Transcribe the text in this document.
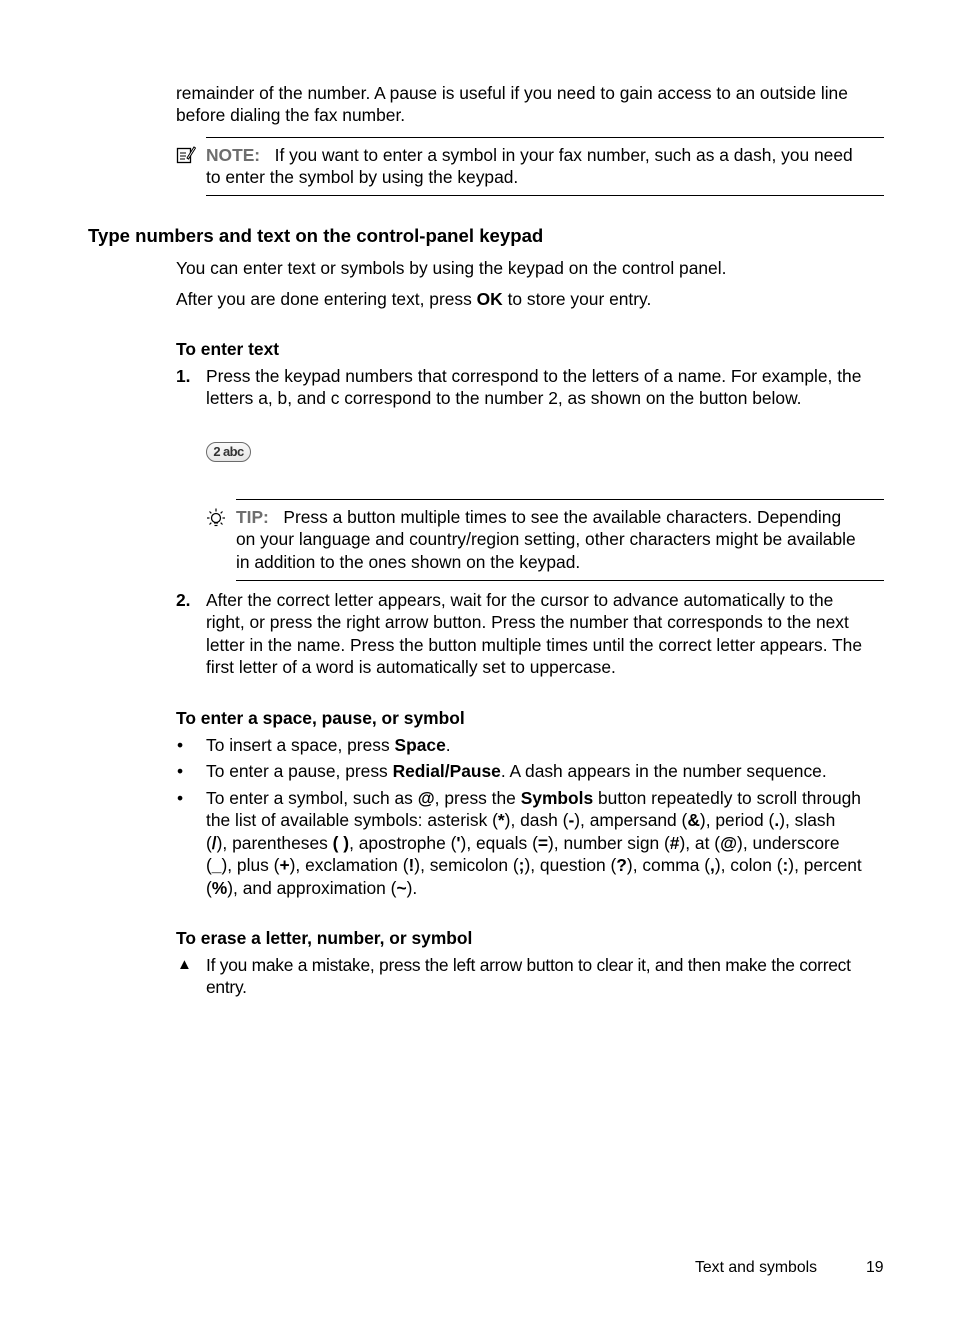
remainder of the number. A pause is useful if you need to gain access to an outside line

before dialing the fax number.

NOTE: If you want to enter a symbol in your fax number, such as a dash, you need

to enter the symbol by using the keypad.

Type numbers and text on the control-panel keypad

You can enter text or symbols by using the keypad on the control panel.

After you are done entering text, press OK to store your entry.

To enter text
1. Press the keypad numbers that correspond to the letters of a name. For example, the

letters a, b, and c correspond to the number 2, as shown on the button below.

2 abc

TIP: Press a button multiple times to see the available characters. Depending

on your language and country/region setting, other characters might be available

in addition to the ones shown on the keypad.

2. After the correct letter appears, wait for the cursor to advance automatically to the

right, or press the right arrow button. Press the number that corresponds to the next

letter in the name. Press the button multiple times until the correct letter appears. The

first letter of a word is automatically set to uppercase.

To enter a space, pause, or symbol
• To insert a space, press Space.

• To enter a pause, press Redial/Pause. A dash appears in the number sequence.

• To enter a symbol, such as @, press the Symbols button repeatedly to scroll through

the list of available symbols: asterisk (*), dash (-), ampersand (&), period (.), slash

(/), parentheses ( ), apostrophe ('), equals (=), number sign (#), at (@), underscore

(_), plus (+), exclamation (!), semicolon (;), question (?), comma (,), colon (:), percent

(%), and approximation (~).

To erase a letter, number, or symbol
▲ If you make a mistake, press the left arrow button to clear it, and then make the correct

entry.

Text and symbols	19
